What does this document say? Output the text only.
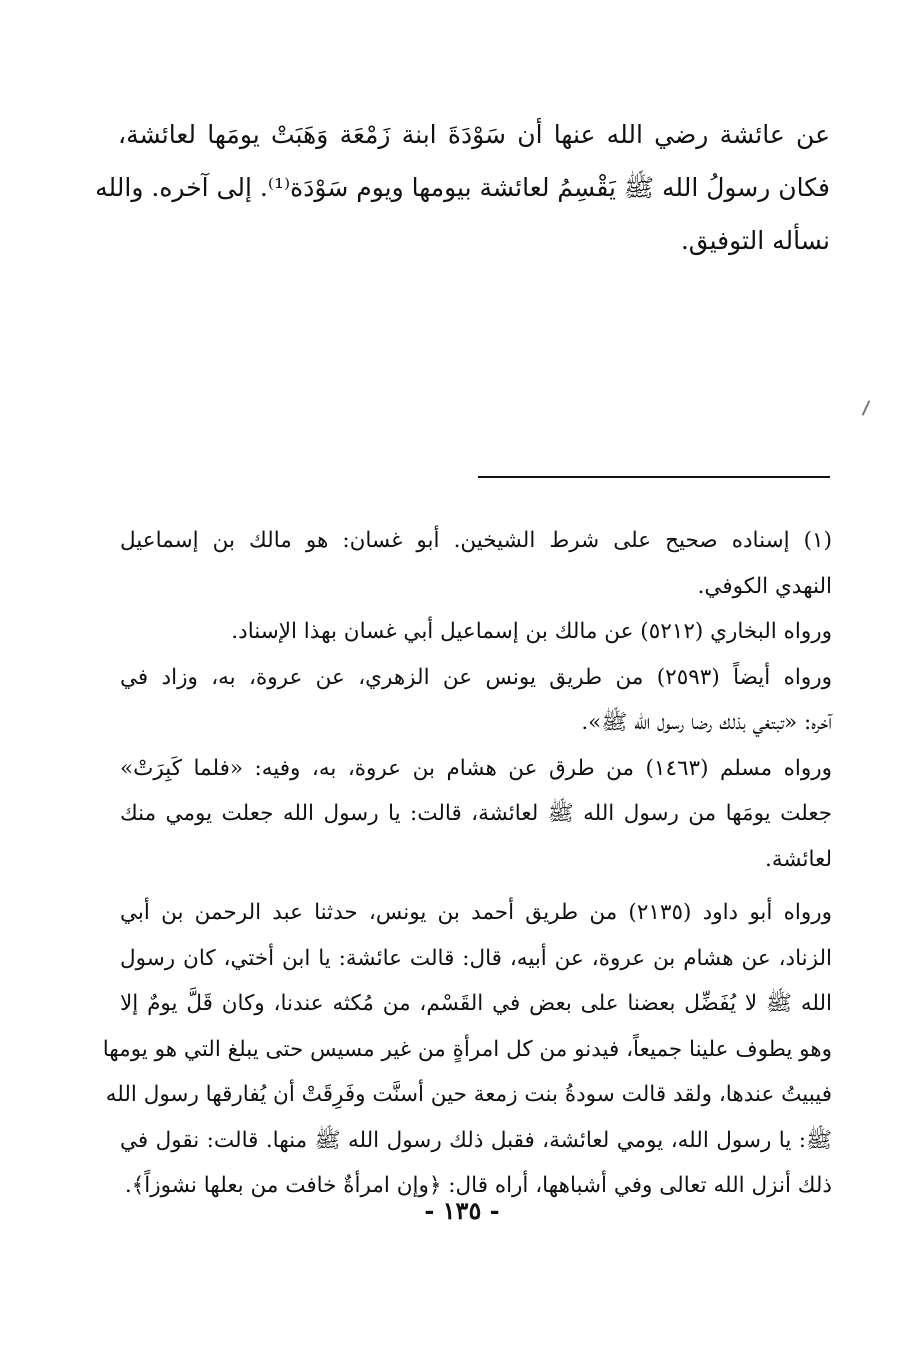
عن عائشة رضي الله عنها أن سَوْدَةَ ابنة زَمْعَة وَهَبَتْ يومَها لعائشة،
فكان رسولُ الله ﷺ يَقْسِمُ لعائشة بيومها ويوم سَوْدَة⁽¹⁾. إلى آخره. والله
نسأله التوفيق.
(١) إسناده صحيح على شرط الشيخين. أبو غسان: هو مالك بن إسماعيل
النهدي الكوفي.
ورواه البخاري (٥٢١٢) عن مالك بن إسماعيل أبي غسان بهذا الإسناد.
ورواه أيضاً (٢٥٩٣) من طريق يونس عن الزهري، عن عروة، به، وزاد في
آخره: «تبتغي بذلك رضا رسول الله ﷺ».
ورواه مسلم (١٤٦٣) من طرق عن هشام بن عروة، به، وفيه: «فلما كَبِرَتْ»
جعلت يومَها من رسول الله ﷺ لعائشة، قالت: يا رسول الله جعلت يومي منك
لعائشة.
ورواه أبو داود (٢١٣٥) من طريق أحمد بن يونس، حدثنا عبد الرحمن بن أبي
الزناد، عن هشام بن عروة، عن أبيه، قال: قالت عائشة: يا ابن أختي، كان رسول
الله ﷺ لا يُفَضِّل بعضنا على بعض في القَسْم، من مُكثه عندنا، وكان قَلَّ يومٌ إلا
وهو يطوف علينا جميعاً، فيدنو من كل امرأةٍ من غير مسيس حتى يبلغ التي هو يومها
فيبيتُ عندها، ولقد قالت سودةُ بنت زمعة حين أسنَّت وفَرِقَتْ أن يُفارقها رسول الله
ﷺ: يا رسول الله، يومي لعائشة، فقبل ذلك رسول الله ﷺ منها. قالت: نقول في
ذلك أنزل الله تعالى وفي أشباهها، أراه قال: ﴿وإن امرأةٌ خافت من بعلها نشوزاً﴾.
- ١٣٥ -
